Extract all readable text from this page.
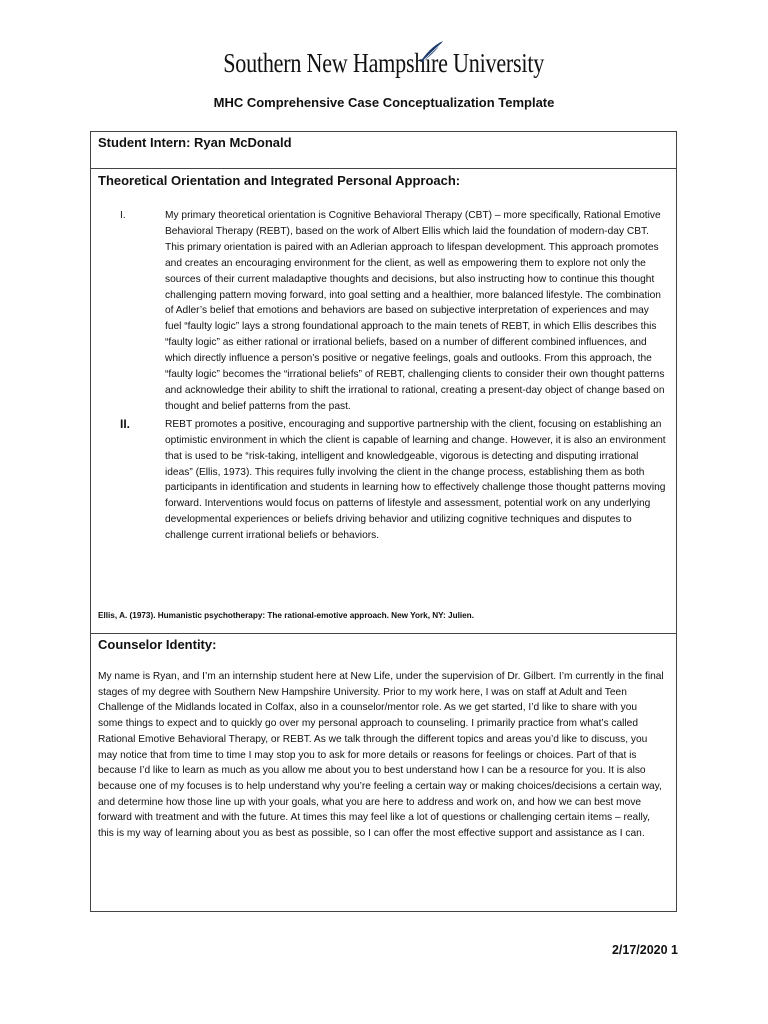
Southern New Hampshire University
MHC Comprehensive Case Conceptualization Template
Student Intern: Ryan McDonald
Theoretical Orientation and Integrated Personal Approach:
I.	My primary theoretical orientation is Cognitive Behavioral Therapy (CBT) – more specifically, Rational Emotive Behavioral Therapy (REBT), based on the work of Albert Ellis which laid the foundation of modern-day CBT. This primary orientation is paired with an Adlerian approach to lifespan development. This approach promotes and creates an encouraging environment for the client, as well as empowering them to explore not only the sources of their current maladaptive thoughts and decisions, but also instructing how to continue this thought challenging pattern moving forward, into goal setting and a healthier, more balanced lifestyle. The combination of Adler’s belief that emotions and behaviors are based on subjective interpretation of experiences and may fuel “faulty logic” lays a strong foundational approach to the main tenets of REBT, in which Ellis describes this “faulty logic” as either rational or irrational beliefs, based on a number of different combined influences, and which directly influence a person’s positive or negative feelings, goals and outlooks. From this approach, the “faulty logic” becomes the “irrational beliefs” of REBT, challenging clients to consider their own thought patterns and acknowledge their ability to shift the irrational to rational, creating a present-day object of change based on thought and belief patterns from the past.
II.	REBT promotes a positive, encouraging and supportive partnership with the client, focusing on establishing an optimistic environment in which the client is capable of learning and change. However, it is also an environment that is used to be “risk-taking, intelligent and knowledgeable, vigorous is detecting and disputing irrational ideas” (Ellis, 1973). This requires fully involving the client in the change process, establishing them as both participants in identification and students in learning how to effectively challenge those thought patterns moving forward. Interventions would focus on patterns of lifestyle and assessment, potential work on any underlying developmental experiences or beliefs driving behavior and utilizing cognitive techniques and disputes to challenge current irrational beliefs or behaviors.
Ellis, A. (1973). Humanistic psychotherapy: The rational-emotive approach. New York, NY: Julien.
Counselor Identity:
My name is Ryan, and I’m an internship student here at New Life, under the supervision of Dr. Gilbert. I’m currently in the final stages of my degree with Southern New Hampshire University. Prior to my work here, I was on staff at Adult and Teen Challenge of the Midlands located in Colfax, also in a counselor/mentor role. As we get started, I’d like to share with you some things to expect and to quickly go over my personal approach to counseling. I primarily practice from what’s called Rational Emotive Behavioral Therapy, or REBT. As we talk through the different topics and areas you’d like to discuss, you may notice that from time to time I may stop you to ask for more details or reasons for feelings or choices. Part of that is because I’d like to learn as much as you allow me about you to best understand how I can be a resource for you. It is also because one of my focuses is to help understand why you’re feeling a certain way or making choices/decisions a certain way, and determine how those line up with your goals, what you are here to address and work on, and how we can best move forward with treatment and with the future. At times this may feel like a lot of questions or challenging certain items – really, this is my way of learning about you as best as possible, so I can offer the most effective support and assistance as I can.
2/17/2020 1
